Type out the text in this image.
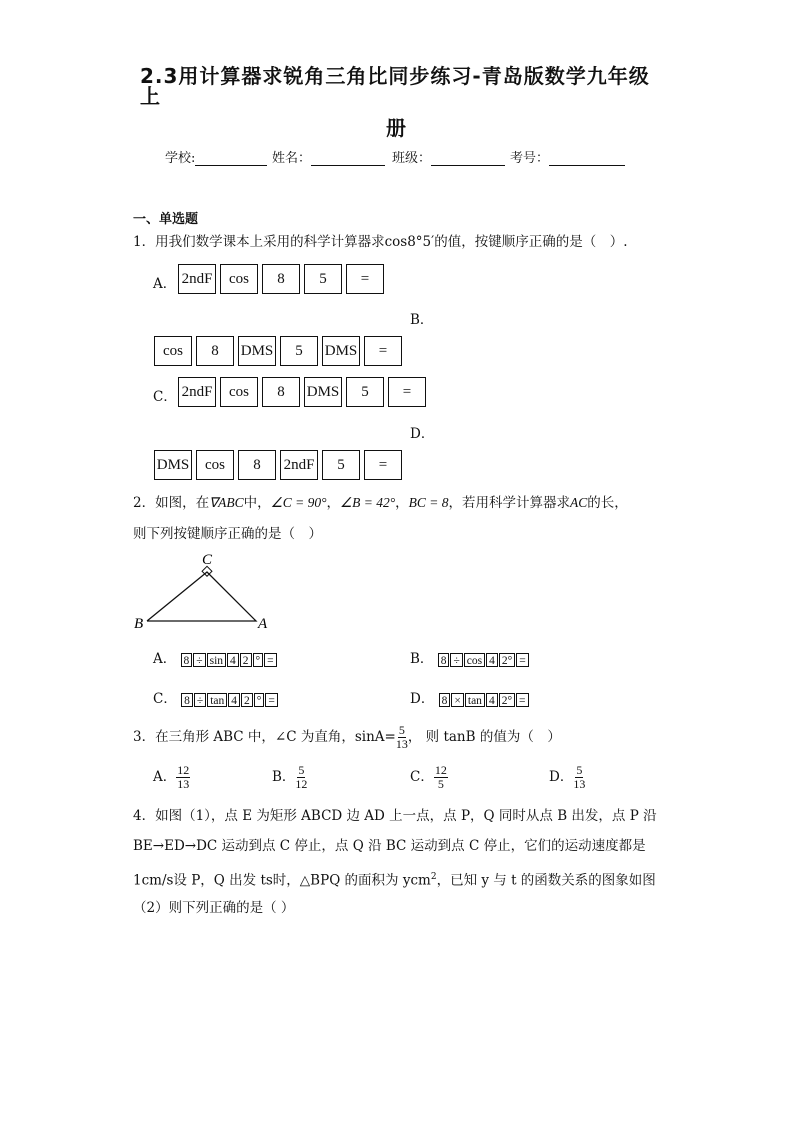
2.3用计算器求锐角三角比同步练习-青岛版数学九年级上
册
学校:	姓名：	班级：	考号：
一、单选题
1．用我们数学课本上采用的科学计算器求cos8°5′的值，按键顺序正确的是（　）.
A． 2ndF	cos	8	5	=
B．
cos	8	DMS	5	DMS	=
C． 2ndF	cos	8	DMS	5	=
D．
DMS	cos	8	2ndF	5	=
2．如图，在∇ABC中，∠C = 90°，∠B = 42°，BC = 8，若用科学计算器求AC的长，
则下列按键顺序正确的是（　）
C
B	A
A． 8 ÷ sin 4 2 ° =	B． 8 ÷ cos 4 2° =
C． 8 ÷ tan 4 2 ° =	D． 8 × tan 4 2° =
3．在三角形 ABC 中，∠C 为直角，$\sin A= \frac{5}{13}$ ， 则 tanB 的值为（　）
A． $\frac{12}{13}$	B． $\frac{5}{12}$	C． $\frac{12}{5}$	D． $\frac{5}{13}$
4．如图（1），点 E 为矩形 ABCD 边 AD 上一点，点 P，Q 同时从点 B 出发，点 P 沿
BE→ED→DC 运动到点 C 停止，点 Q 沿 BC 运动到点 C 停止，它们的运动速度都是
1cm/s设 P，Q 出发 ts时，△BPQ 的面积为 ycm$^2$，已知 y 与 t 的函数关系的图象如图
（2）则下列正确的是（ ）
